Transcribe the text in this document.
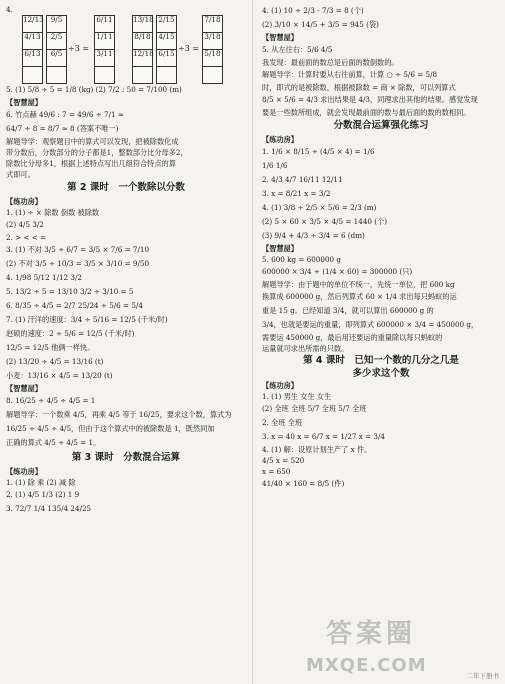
4.
12/13
4/13
6/13
9/5
2/5
6/5
÷3 =
6/11
1/11
3/11
13/18
8/18
12/18
2/15
4/15
6/15
÷3 =
7/18
3/18
5/18
5. (1) 5/8 ÷ 5 = 1/8 (kg) (2) 7/2 : 50 = 7/100 (m)
【智慧屋】
6. 竹点赫 49/6 : 7 = 49/6 ÷ 7/1 ≈
64/7 ÷ 8 = 8/7 ≈ 8 (答案不唯一)
解题导学：观察题目中的算式可以发现，把被除数化成
带分数后，分数部分的分子都是1，整数部分比分母多2，
除数比分母多1，根据上述特点写出几组符合特点的算
式即可。
第 2 课时　一个数除以分数
【练功房】
1. (1) ÷ × 除数 倒数 被除数
(2) 4/5 3/2
2. > < < =
3. (1) 不对 3/5 ÷ 6/7 = 3/5 × 7/6 = 7/10
(2) 不对 3/5 ÷ 10/3 = 3/5 × 3/10 = 9/50
4. 1/98 5/12 1/12 3/2
5. 13/2 ÷ 5 = 13/10 3/2 ÷ 3/10 = 5
6. 8/35 ÷ 4/5 = 2/7 25/24 ÷ 5/6 = 5/4
7. (1) 汗洋的速度：3/4 ÷ 5/16 = 12/5 (千米/时)
赵硕的速度：2 ÷ 5/6 = 12/5 (千米/时)
12/5 = 12/5 他俩一样快。
(2) 13/20 ÷ 4/5 = 13/16 (t)
小麦：13/16 × 4/5 = 13/20 (t)
【智慧屋】
8. 16/25 ÷ 4/5 ÷ 4/5 = 1
解题导学：一个数乘 4/5，再乘 4/5 等于 16/25，要求这个数，算式为
16/25 ÷ 4/5 ÷ 4/5，但由于这个算式中的被除数是 1，既然同加
正确的算式 4/5 ÷ 4/5 = 1。
第 3 课时　分数混合运算
【练功房】
1. (1) 除 乘 (2) 减 除
2. (1) 4/5 1/3 (2) 1 9
3. 72/7 1/4 135/4 24/25
4. (1) 10 ÷ 2/3 - 7/3 = 8 (个)
(2) 3/10 × 14/5 + 3/5 = 945 (袋)
【智慧屋】
5. 从左往右：5/6 4/5
我发现：最前面的数总是后面的数倒数的。
解题导学：计算时要从右往前算，计算 ○ ÷ 5/6 = 5/8
时，即式的是被除数，根据被除数 = 商 × 除数，可以列算式
8/5 × 5/6 = 4/3 求出结果是 4/3，同理求出其他的结果。感觉发现
要是一些数所组成，就会发现最前面的数与最后面的数的数相同。
分数混合运算强化练习
【练功房】
1. 1/6 × 8/15 ÷ (4/5 × 4) = 1/6
1/6 1/6
2. 4/3 4/7 16/11 12/11
3. x = 8/21 x = 3/2
4. (1) 3/8 ÷ 2/5 × 5/6 = 2/3 (m)
(2) 5 × 60 × 3/5 × 4/5 = 1440 (个)
(3) 9/4 + 4/3 ÷ 3/4 = 6 (dm)
【智慧屋】
5. 600 kg = 600000 g
600000 × 3/4 ÷ (1/4 × 60) = 300000 (只)
解题导学：由于题中的单位不统一，先统一单位，把 600 kg
换算成 600000 g，然后列算式 60 × 1/4 求出每只蚂蚁的运
重是 15 g。已经知道 3/4，就可以算出 600000 g 的
3/4，也就是要运的重量，即列算式 600000 × 3/4 = 450000 g，
需要运 450000 g，最后用还要运的重量除以每只蚂蚁的
运量就可求出所需的只数。
第 4 课时　已知一个数的几分之几是
多少求这个数
【练功房】
1. (1) 男生 女生 女生
(2) 全班 全班 5/7 全班 5/7 全班
2. 全班 全班
3. x = 40 x = 6/7 x = 1/27 x = 3/4
4. (1) 解：设原计划生产了 x 件。
4/5 x = 520
x = 650
41/40 × 160 = 8/5 (件)
答案圈
MXQE.COM
二年下册书
